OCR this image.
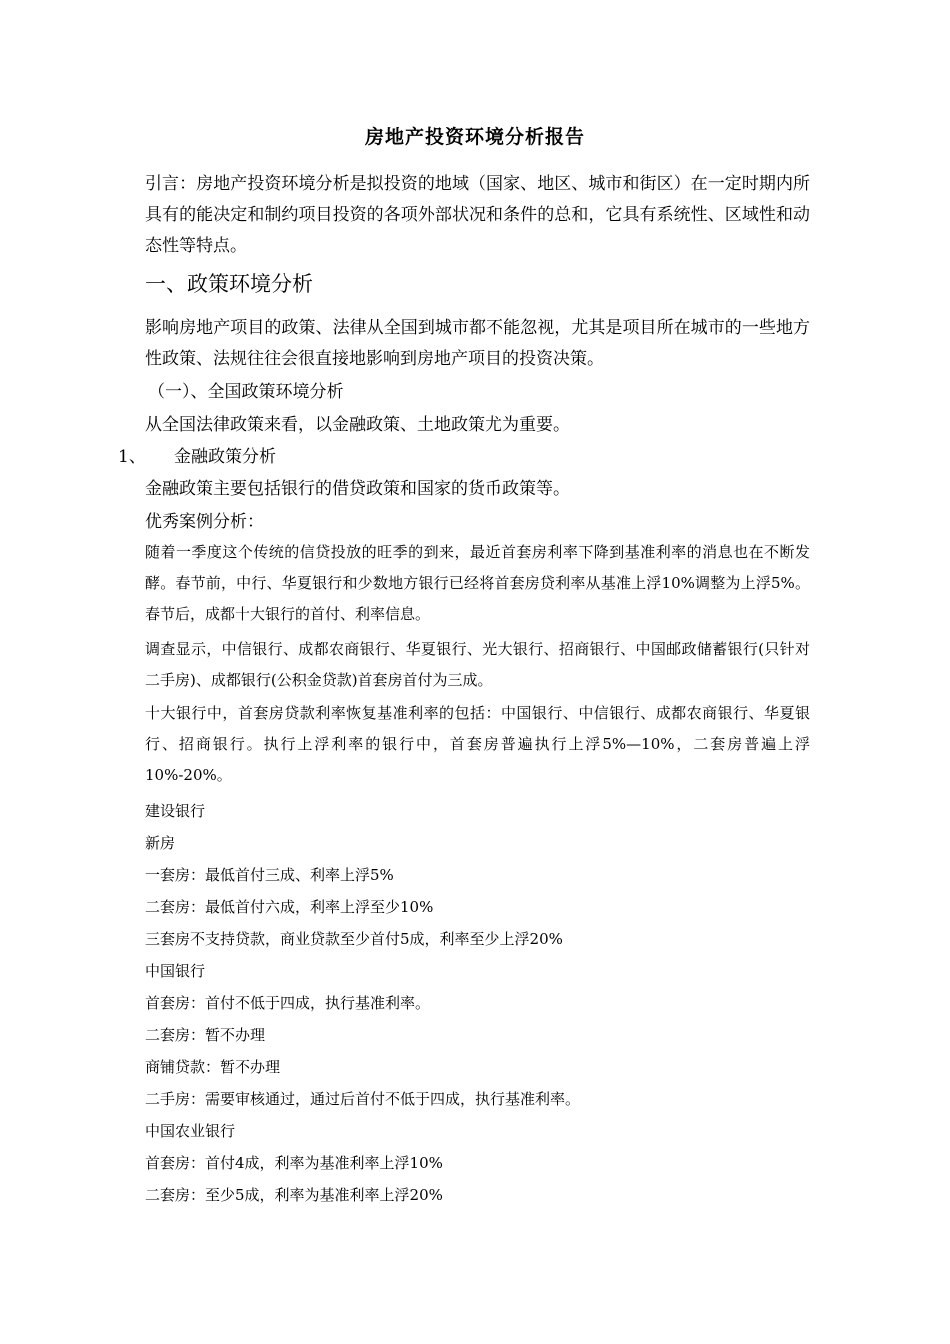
房地产投资环境分析报告

引言：房地产投资环境分析是拟投资的地域（国家、地区、城市和街区）在一定时期内所具有的能决定和制约项目投资的各项外部状况和条件的总和，它具有系统性、区域性和动态性等特点。

一、政策环境分析

影响房地产项目的政策、法律从全国到城市都不能忽视，尤其是项目所在城市的一些地方性政策、法规往往会很直接地影响到房地产项目的投资决策。

（一）、全国政策环境分析
从全国法律政策来看，以金融政策、土地政策尤为重要。
1、 金融政策分析
金融政策主要包括银行的借贷政策和国家的货币政策等。
优秀案例分析：

随着一季度这个传统的信贷投放的旺季的到来，最近首套房利率下降到基准利率的消息也在不断发酵。春节前，中行、华夏银行和少数地方银行已经将首套房贷利率从基准上浮10%调整为上浮5%。春节后，成都十大银行的首付、利率信息。

调查显示，中信银行、成都农商银行、华夏银行、光大银行、招商银行、中国邮政储蓄银行(只针对二手房)、成都银行(公积金贷款)首套房首付为三成。

十大银行中，首套房贷款利率恢复基准利率的包括：中国银行、中信银行、成都农商银行、华夏银行、招商银行。执行上浮利率的银行中，首套房普遍执行上浮5%—10%，二套房普遍上浮10%-20%。

建设银行
新房
一套房：最低首付三成、利率上浮5%
二套房：最低首付六成，利率上浮至少10%
三套房不支持贷款，商业贷款至少首付5成，利率至少上浮20%
中国银行
首套房：首付不低于四成，执行基准利率。
二套房：暂不办理
商铺贷款：暂不办理
二手房：需要审核通过，通过后首付不低于四成，执行基准利率。
中国农业银行
首套房：首付4成，利率为基准利率上浮10%
二套房：至少5成，利率为基准利率上浮20%
